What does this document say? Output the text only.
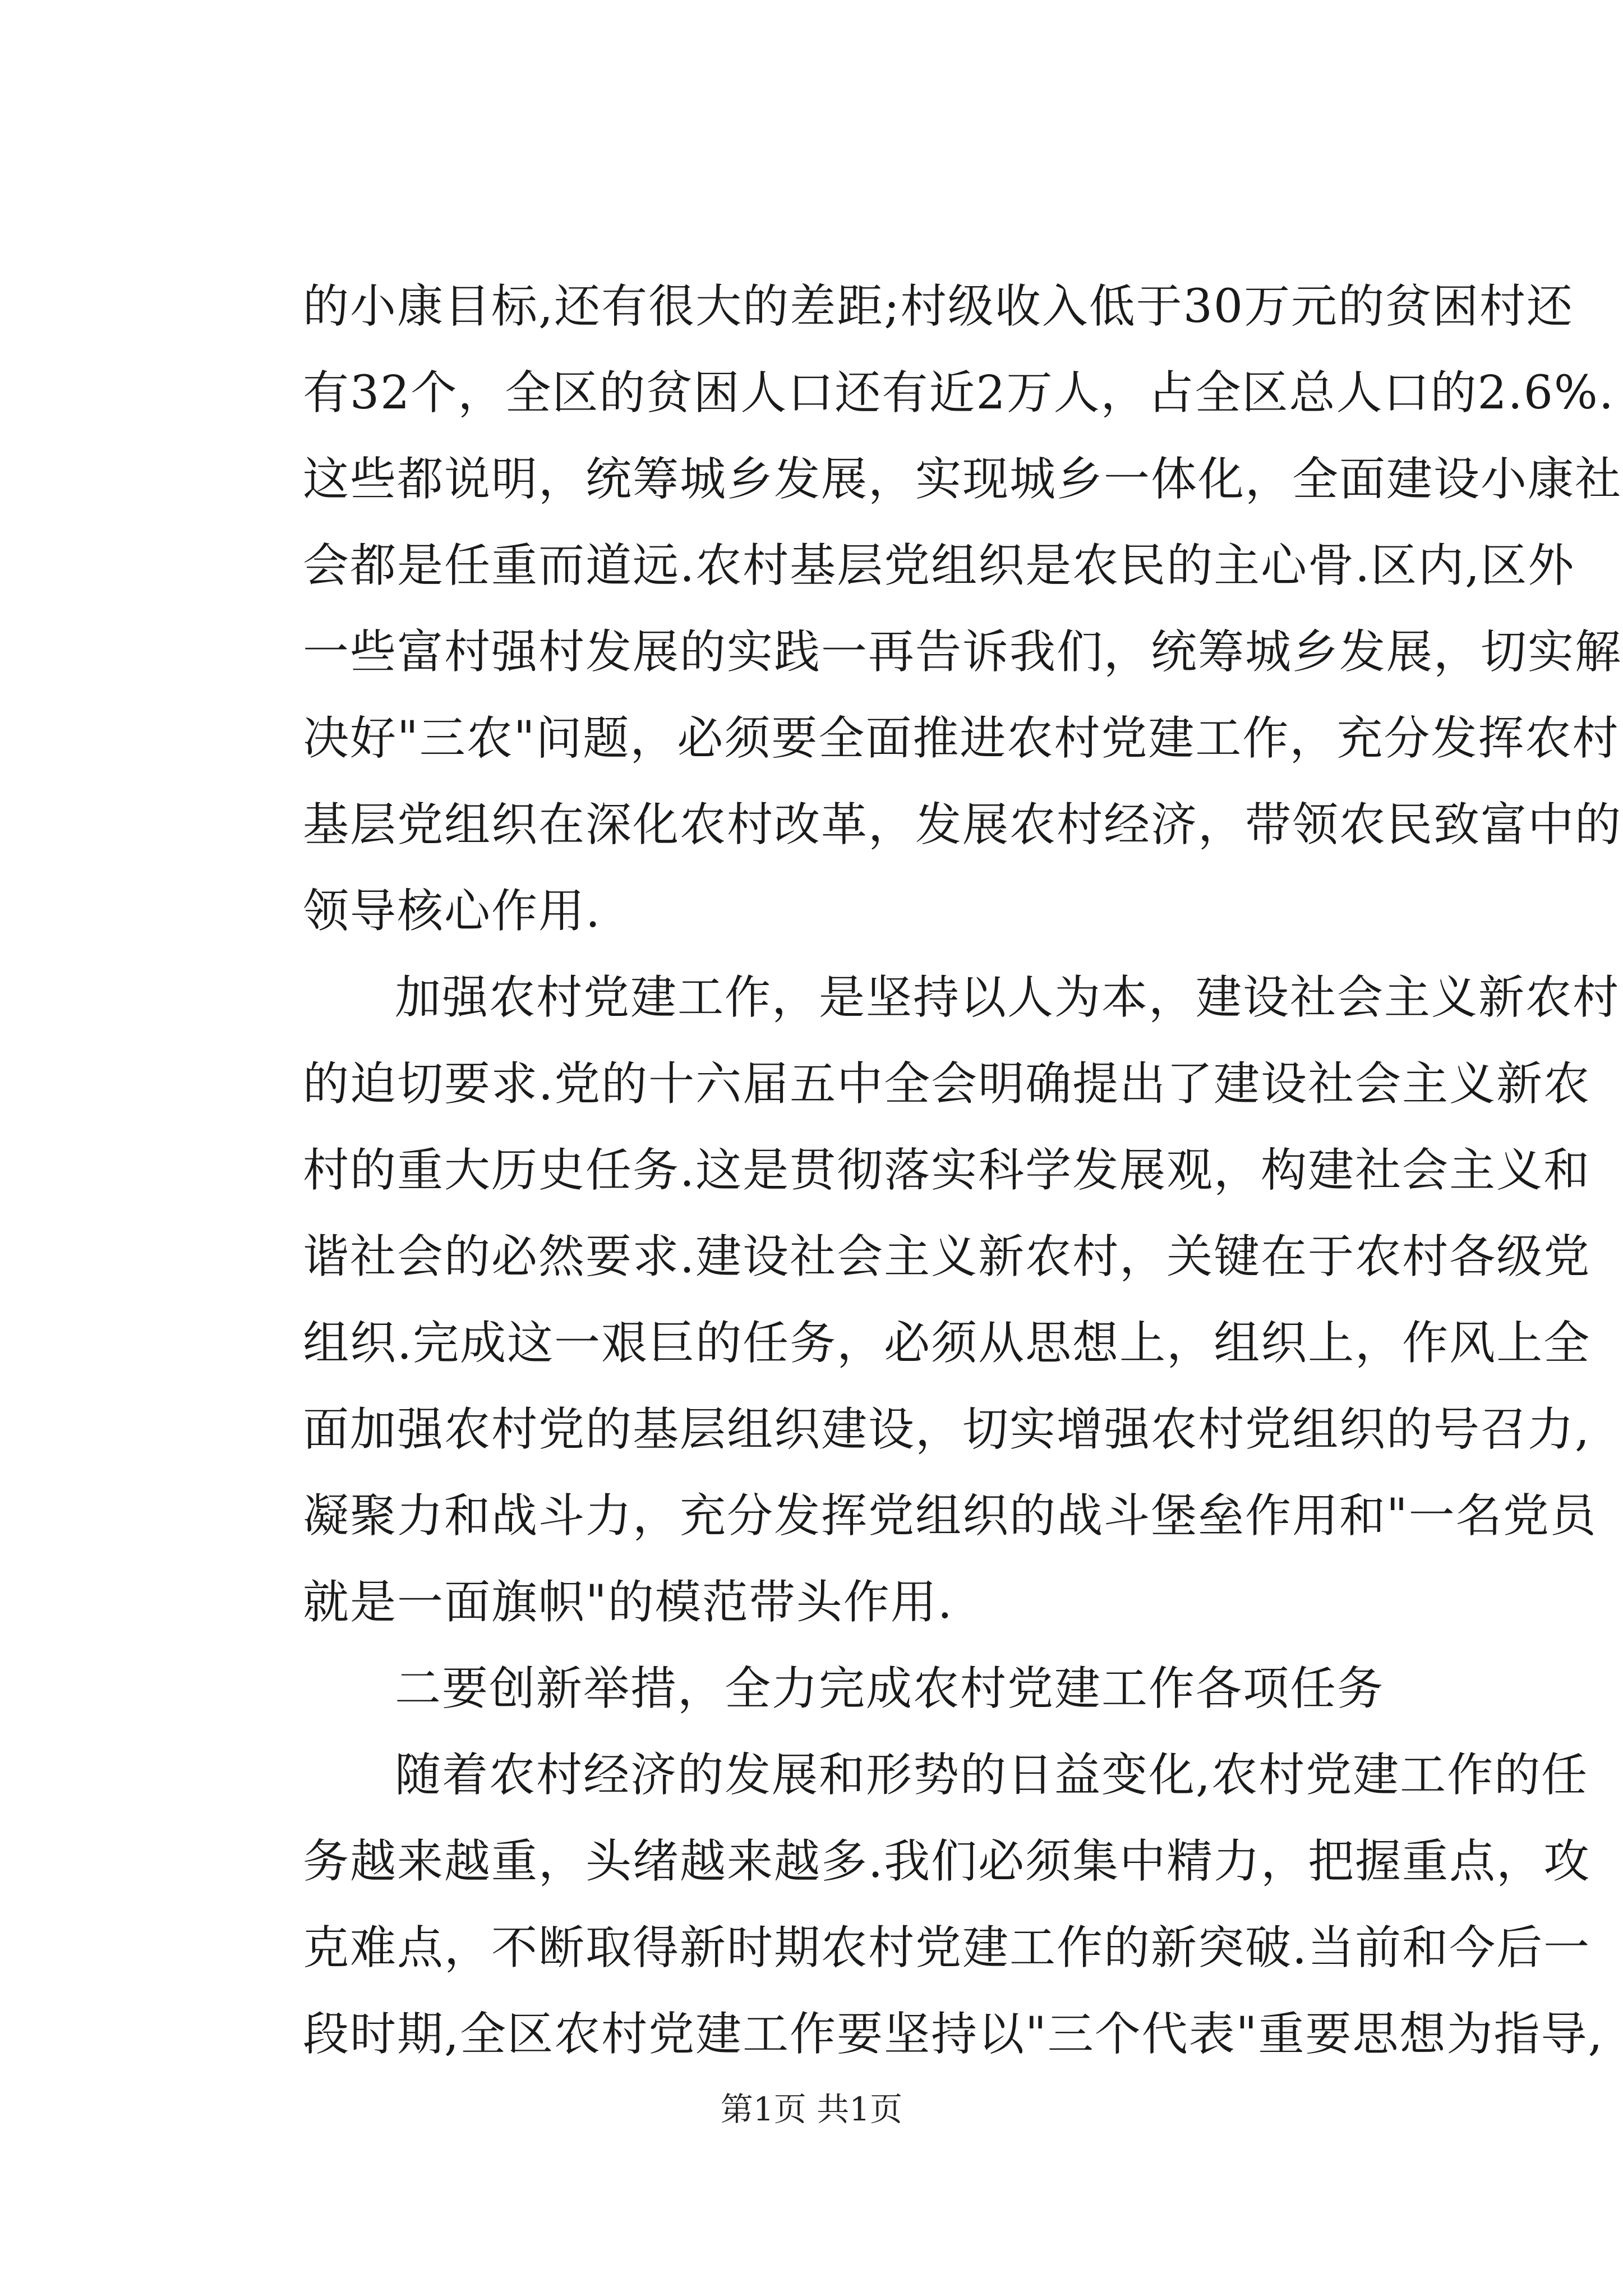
的小康目标,还有很大的差距;村级收入低于30万元的贫困村还
有32个，全区的贫困人口还有近2万人，占全区总人口的2.6%.
这些都说明，统筹城乡发展，实现城乡一体化，全面建设小康社
会都是任重而道远.农村基层党组织是农民的主心骨.区内,区外
一些富村强村发展的实践一再告诉我们，统筹城乡发展，切实解
决好"三农"问题，必须要全面推进农村党建工作，充分发挥农村
基层党组织在深化农村改革，发展农村经济，带领农民致富中的
领导核心作用.
加强农村党建工作，是坚持以人为本，建设社会主义新农村
的迫切要求.党的十六届五中全会明确提出了建设社会主义新农
村的重大历史任务.这是贯彻落实科学发展观，构建社会主义和
谐社会的必然要求.建设社会主义新农村，关键在于农村各级党
组织.完成这一艰巨的任务，必须从思想上，组织上，作风上全
面加强农村党的基层组织建设，切实增强农村党组织的号召力,
凝聚力和战斗力，充分发挥党组织的战斗堡垒作用和"一名党员
就是一面旗帜"的模范带头作用.
二要创新举措，全力完成农村党建工作各项任务
随着农村经济的发展和形势的日益变化,农村党建工作的任
务越来越重，头绪越来越多.我们必须集中精力，把握重点，攻
克难点，不断取得新时期农村党建工作的新突破.当前和今后一
段时期,全区农村党建工作要坚持以"三个代表"重要思想为指导,
第1页 共1页
